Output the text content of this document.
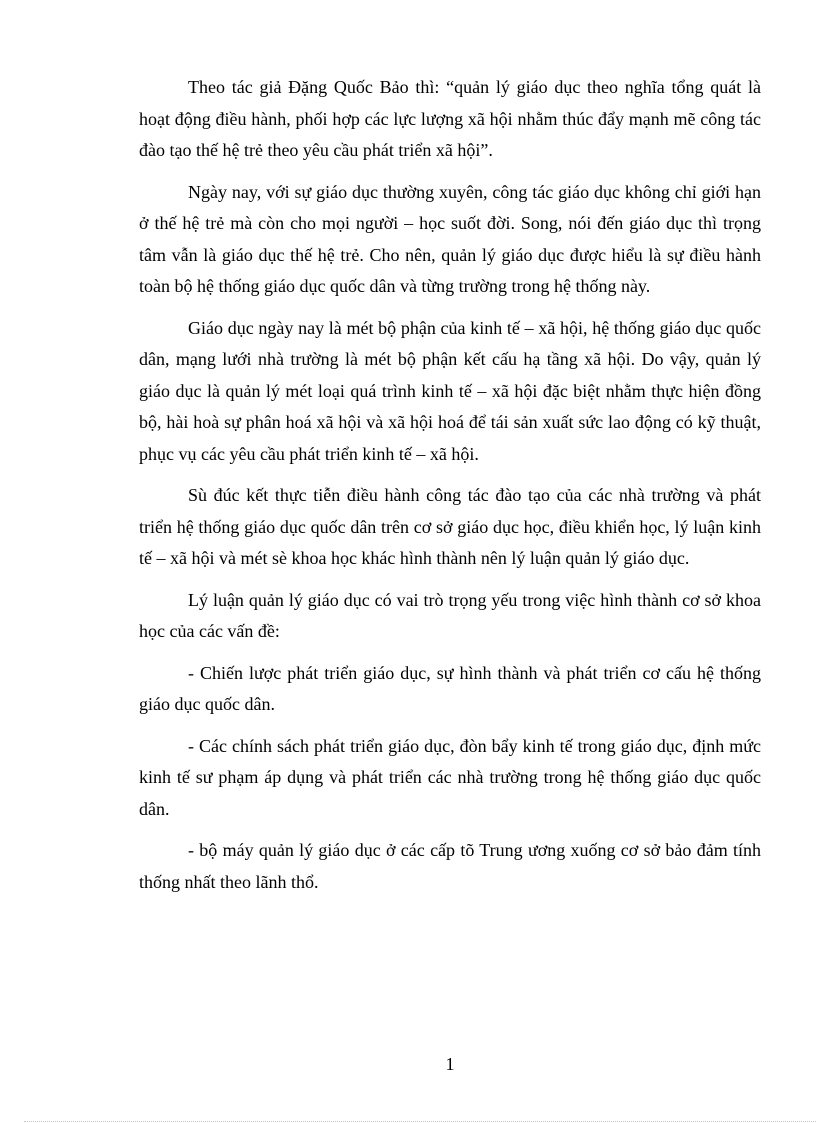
Theo tác giả Đặng Quốc Bảo thì: “quản lý giáo dục theo nghĩa tổng quát là hoạt động điều hành, phối hợp các lực lượng xã hội nhằm thúc đẩy mạnh mẽ công tác đào tạo thế hệ trẻ theo yêu cầu phát triển xã hội”.

Ngày nay, với sự giáo dục thường xuyên, công tác giáo dục không chỉ giới hạn ở thế hệ trẻ mà còn cho mọi người – học suốt đời. Song, nói đến giáo dục thì trọng tâm vẫn là giáo dục thế hệ trẻ. Cho nên, quản lý giáo dục được hiểu là sự điều hành toàn bộ hệ thống giáo dục quốc dân và từng trường trong hệ thống này.

Giáo dục ngày nay là mét bộ phận của kinh tế – xã hội, hệ thống giáo dục quốc dân, mạng lưới nhà trường là mét bộ phận kết cấu hạ tầng xã hội. Do vậy, quản lý giáo dục là quản lý mét loại quá trình kinh tế – xã hội đặc biệt nhằm thực hiện đồng bộ, hài hoà sự phân hoá xã hội và xã hội hoá để tái sản xuất sức lao động có kỹ thuật, phục vụ các yêu cầu phát triển kinh tế – xã hội.

Sù đúc kết thực tiễn điều hành công tác đào tạo của các nhà trường và phát triển hệ thống giáo dục quốc dân trên cơ sở giáo dục học, điều khiển học, lý luận kinh tế – xã hội và mét sè khoa học khác hình thành nên lý luận quản lý giáo dục.

Lý luận quản lý giáo dục có vai trò trọng yếu trong việc hình thành cơ sở khoa học của các vấn đề:

- Chiến lược phát triển giáo dục, sự hình thành và phát triển cơ cấu hệ thống giáo dục quốc dân.

- Các chính sách phát triển giáo dục, đòn bẩy kinh tế trong giáo dục, định mức kinh tế sư phạm áp dụng và phát triển các nhà trường trong hệ thống giáo dục quốc dân.

- bộ máy quản lý giáo dục ở các cấp tõ Trung ương xuống cơ sở bảo đảm tính thống nhất theo lãnh thổ.

1
